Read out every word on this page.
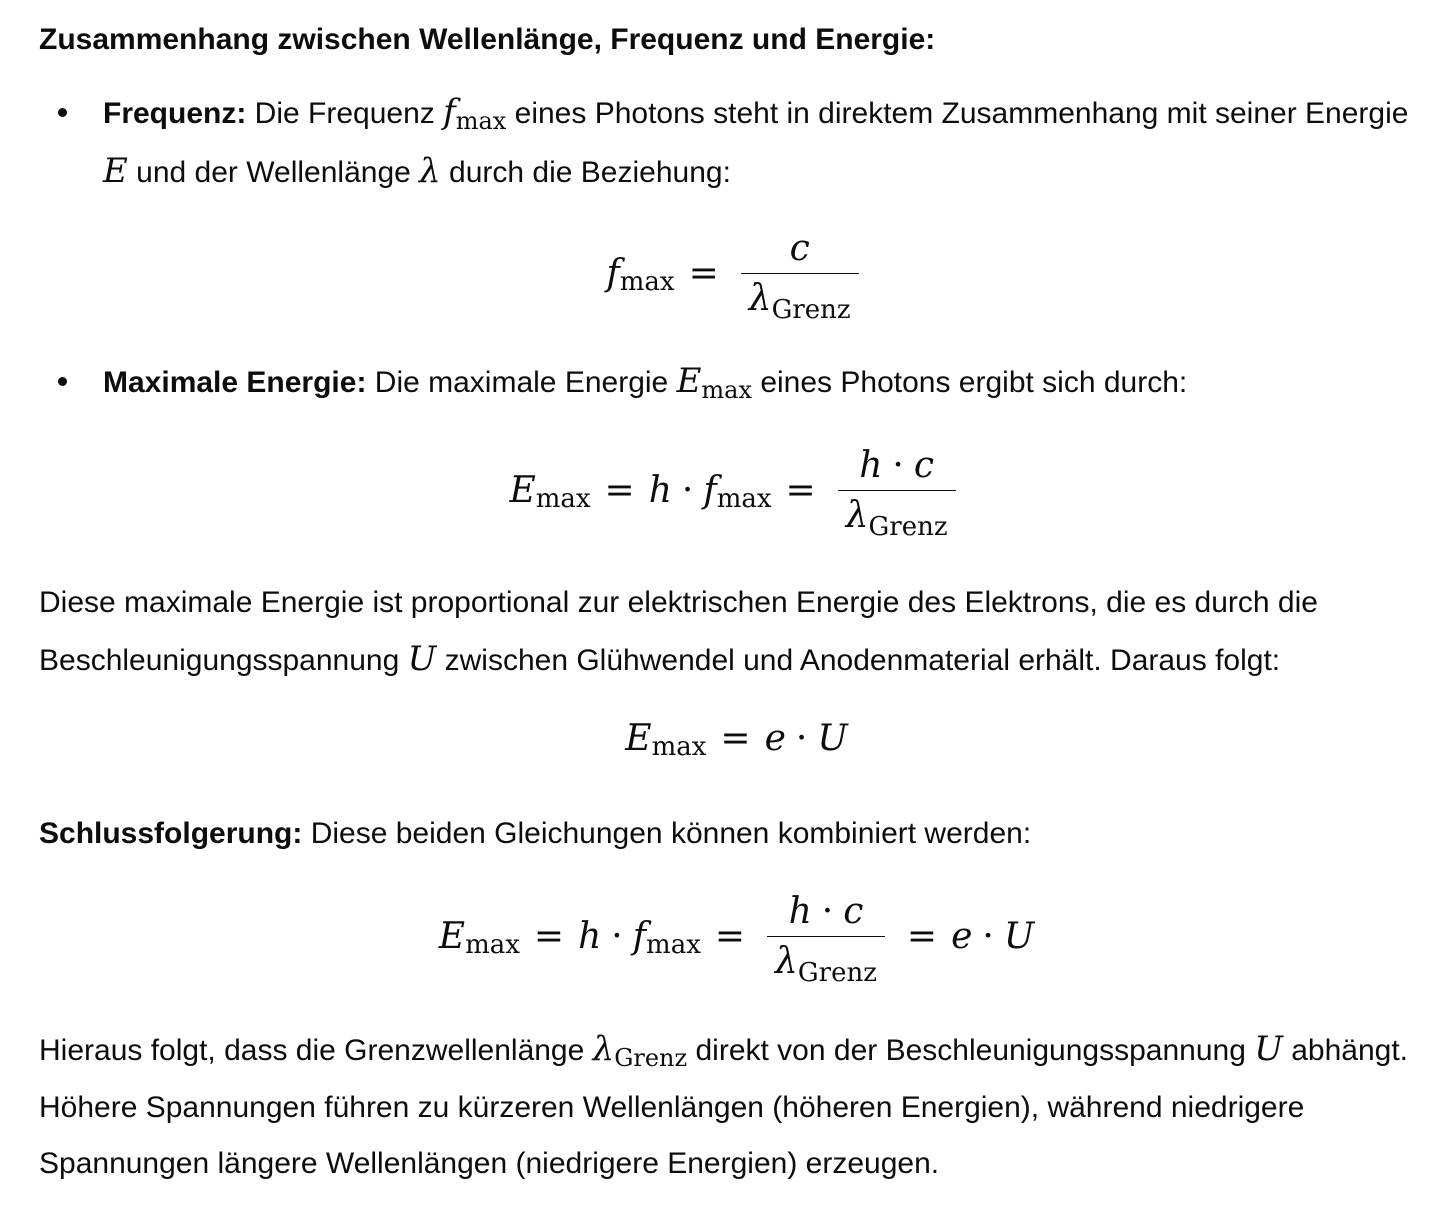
Zusammenhang zwischen Wellenlänge, Frequenz und Energie:
Frequenz: Die Frequenz $f_{max}$ eines Photons steht in direktem Zusammenhang mit seiner Energie E und der Wellenlänge λ durch die Beziehung:
f $\max = \frac{c}{\lambda_{Grenz}}$
Maximale Energie: Die maximale Energie $E_{max}$ eines Photons ergibt sich durch:
E max = h · f $\max = \frac{h \cdot c}{\lambda_{Grenz}}$
Diese maximale Energie ist proportional zur elektrischen Energie des Elektrons, die es durch die Beschleunigungsspannung U zwischen Glühwendel und Anodenmaterial erhält. Daraus folgt:
E max = e · U
Schlussfolgerung: Diese beiden Gleichungen können kombiniert werden:
E max = h · f $\max = \frac{h \cdot c}{\lambda_{Grenz}} = e \cdot U$
Hieraus folgt, dass die Grenzwellenlänge $\lambda_{Grenz}$ direkt von der Beschleunigungsspannung U abhängt. Höhere Spannungen führen zu kürzeren Wellenlängen (höheren Energien), während niedrigere Spannungen längere Wellenlängen (niedrigere Energien) erzeugen.
